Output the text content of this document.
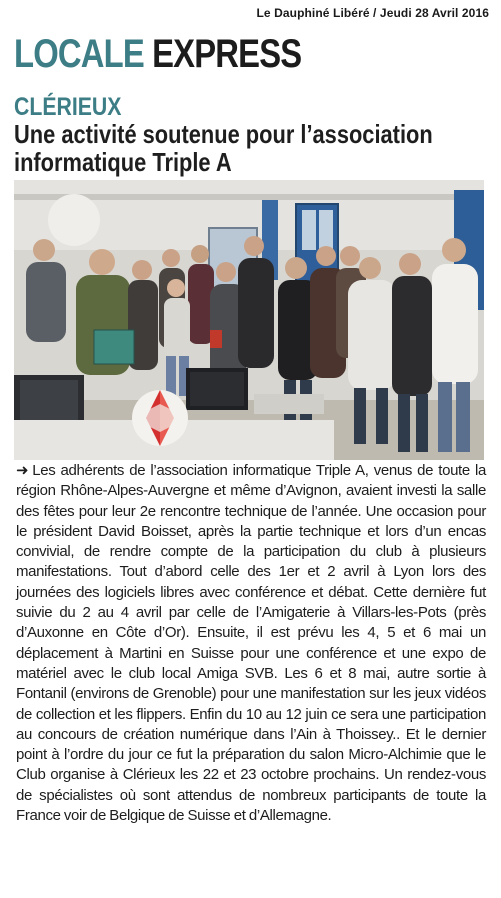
Le Dauphiné Libéré / Jeudi 28 Avril 2016
LOCALE EXPRESS
CLÉRIEUX
Une activité soutenue pour l’association informatique Triple A

➜ Les adhérents de l’association informatique Triple A, venus de toute la région Rhône-Alpes-Auvergne et même d’Avignon, avaient investi la salle des fêtes pour leur 2e rencontre technique de l’année. Une occasion pour le président David Boisset, après la partie technique et lors d’un encas convivial, de rendre compte de la participation du club à plusieurs manifestations. Tout d’abord celle des 1er et 2 avril à Lyon lors des journées des logiciels libres avec conférence et débat. Cette dernière fut suivie du 2 au 4 avril par celle de l’Amigaterie à Villars-les-Pots (près d’Auxonne en Côte d’Or). Ensuite, il est prévu les 4, 5 et 6 mai un déplacement à Martini en Suisse pour une conférence et une expo de matériel avec le club local Amiga SVB. Les 6 et 8 mai, autre sortie à Fontanil (environs de Grenoble) pour une manifestation sur les jeux vidéos de collection et les flippers. Enfin du 10 au 12 juin ce sera une participation au concours de création numérique dans l’Ain à Thoissey.. Et le dernier point à l’ordre du jour ce fut la préparation du salon Micro-Alchimie que le Club organise à Clérieux les 22 et 23 octobre prochains. Un rendez-vous de spécialistes où sont attendus de nombreux participants de toute la France voir de Belgique de Suisse et d’Allemagne.
